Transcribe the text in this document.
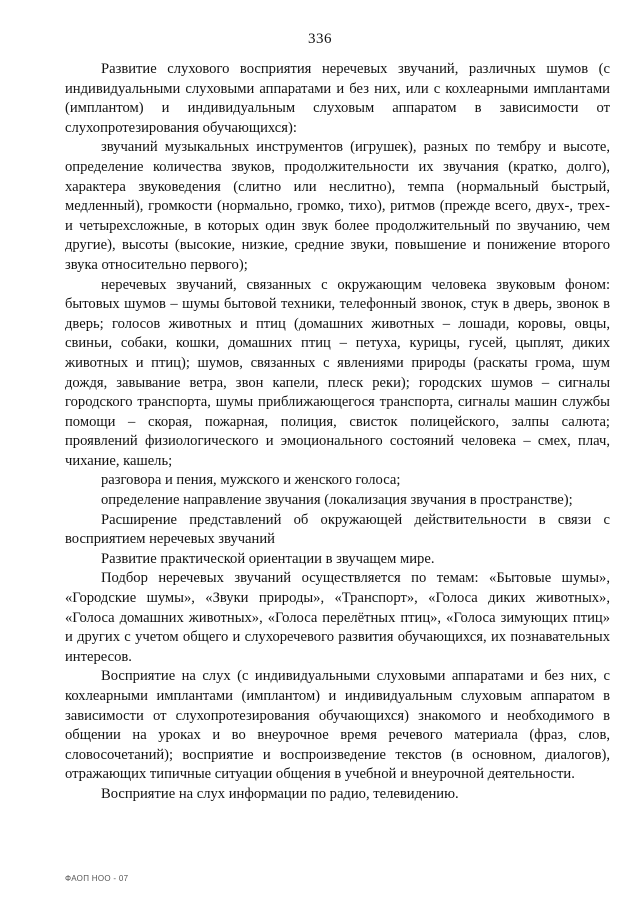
336

Развитие слухового восприятия неречевых звучаний, различных шумов (с индивидуальными слуховыми аппаратами и без них, или с кохлеарными имплантами (имплантом) и индивидуальным слуховым аппаратом в зависимости от слухопротезирования обучающихся):

звучаний музыкальных инструментов (игрушек), разных по тембру и высоте, определение количества звуков, продолжительности их звучания (кратко, долго), характера звуковедения (слитно или неслитно), темпа (нормальный быстрый, медленный), громкости (нормально, громко, тихо), ритмов (прежде всего, двух-, трех- и четырехсложные, в которых один звук более продолжительный по звучанию, чем другие), высоты (высокие, низкие, средние звуки, повышение и понижение второго звука относительно первого);

неречевых звучаний, связанных с окружающим человека звуковым фоном: бытовых шумов – шумы бытовой техники, телефонный звонок, стук в дверь, звонок в дверь; голосов животных и птиц (домашних животных – лошади, коровы, овцы, свиньи, собаки, кошки, домашних птиц – петуха, курицы, гусей, цыплят, диких животных и птиц); шумов, связанных с явлениями природы (раскаты грома, шум дождя, завывание ветра, звон капели, плеск реки); городских шумов – сигналы городского транспорта, шумы приближающегося транспорта, сигналы машин службы помощи – скорая, пожарная, полиция, свисток полицейского, залпы салюта; проявлений физиологического и эмоционального состояний человека – смех, плач, чихание, кашель;

разговора и пения, мужского и женского голоса;

определение направление звучания (локализация звучания в пространстве);

Расширение представлений об окружающей действительности в связи с восприятием неречевых звучаний

Развитие практической ориентации в звучащем мире.

Подбор неречевых звучаний осуществляется по темам: «Бытовые шумы», «Городские шумы», «Звуки природы», «Транспорт», «Голоса диких животных», «Голоса домашних животных», «Голоса перелётных птиц», «Голоса зимующих птиц» и других с учетом общего и слухоречевого развития обучающихся, их познавательных интересов.

Восприятие на слух (с индивидуальными слуховыми аппаратами и без них, с кохлеарными имплантами (имплантом) и индивидуальным слуховым аппаратом в зависимости от слухопротезирования обучающихся) знакомого и необходимого в общении на уроках и во внеурочное время речевого материала (фраз, слов, словосочетаний); восприятие и воспроизведение текстов (в основном, диалогов), отражающих типичные ситуации общения в учебной и внеурочной деятельности.

Восприятие на слух информации по радио, телевидению.

ФАОП НОО - 07
